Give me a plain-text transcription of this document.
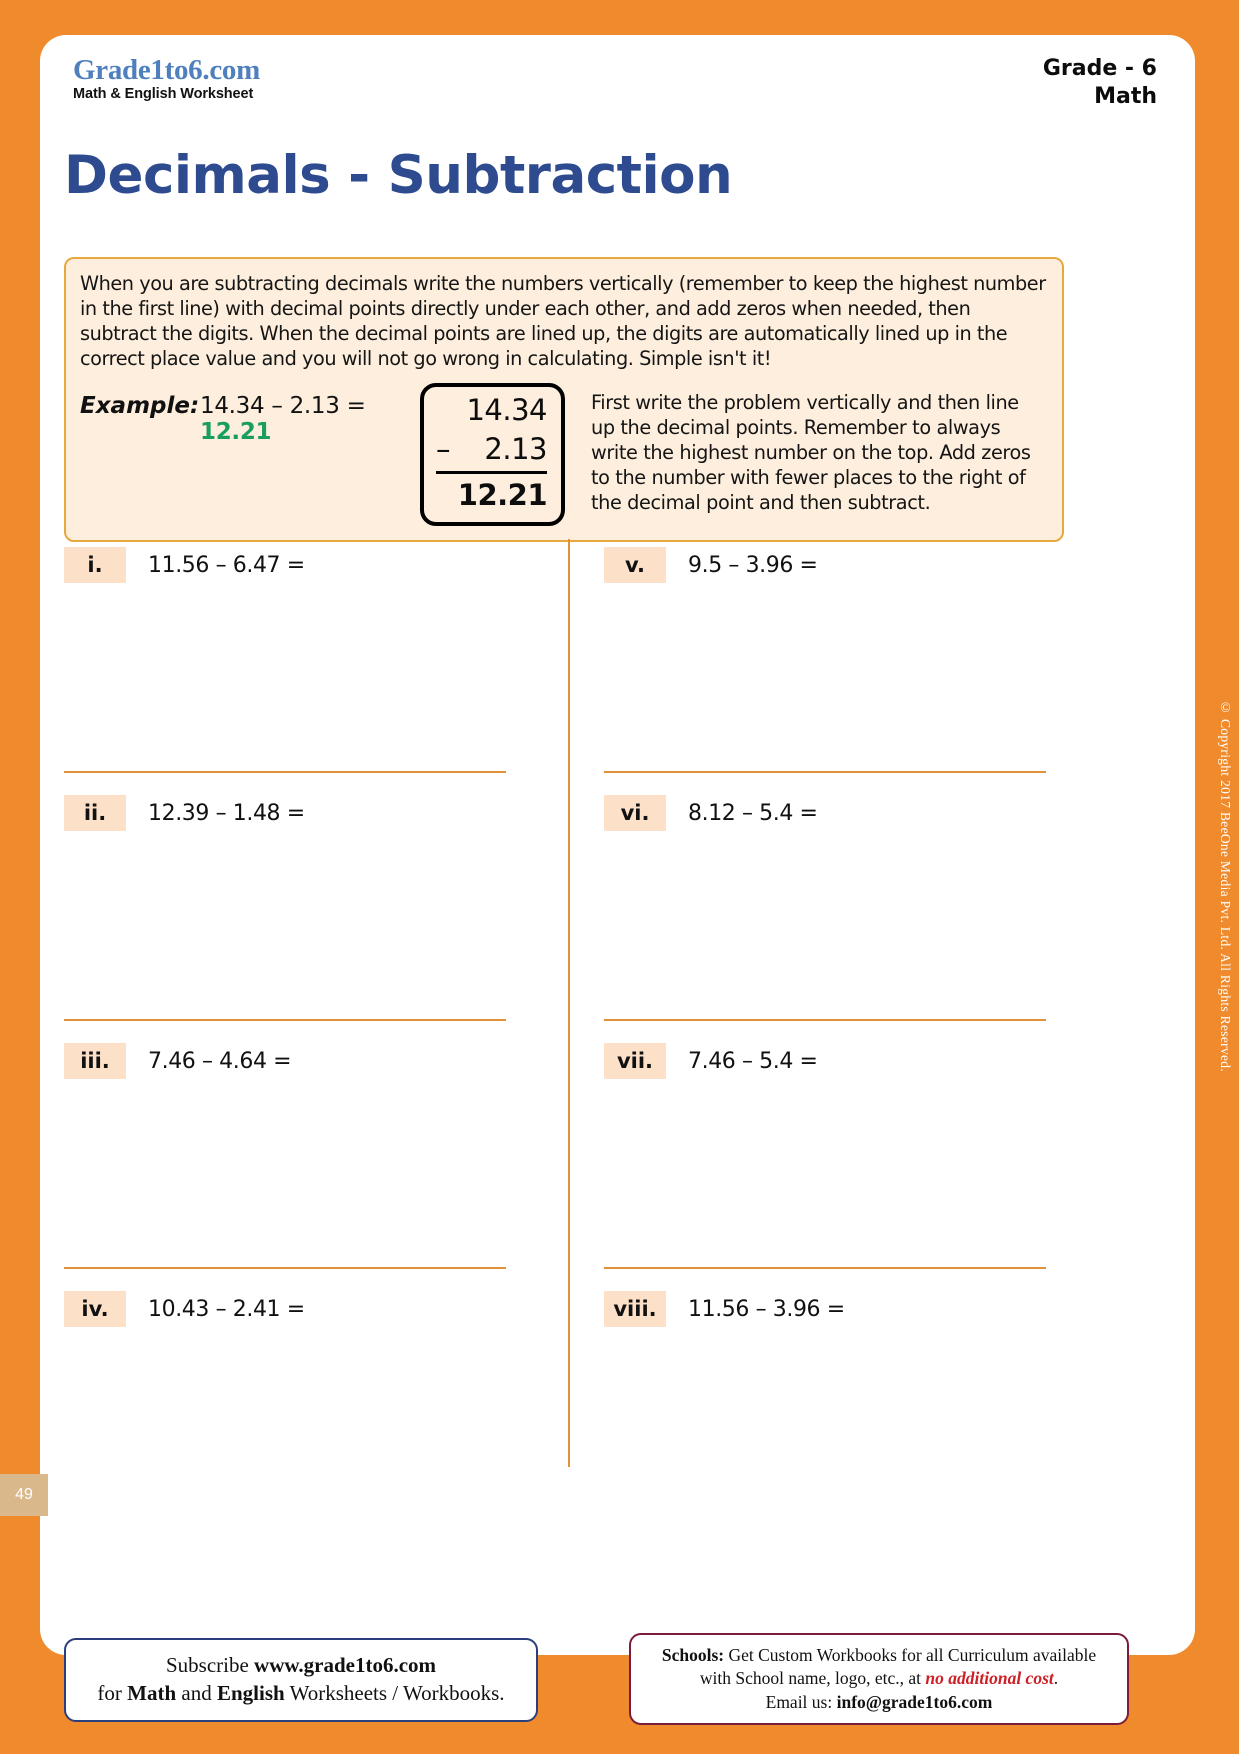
Grade1to6.com
Math & English Worksheet
Grade - 6
Math
Decimals - Subtraction
When you are subtracting decimals write the numbers vertically (remember to keep the highest number in the first line) with decimal points directly under each other, and add zeros when needed, then subtract the digits. When the decimal points are lined up, the digits are automatically lined up in the correct place value and you will not go wrong in calculating. Simple isn't it!
Example: 14.34 – 2.13 = 12.21

14.34
–	2.13

12.21
First write the problem vertically and then line up the decimal points. Remember to always write the highest number on the top. Add zeros to the number with fewer places to the right of the decimal point and then subtract.
i.	11.56 – 6.47 =
ii.	12.39 – 1.48 =
iii.	7.46 – 4.64 =
iv.	10.43 – 2.41 =
v.	9.5 – 3.96 =
vi.	8.12 – 5.4 =
vii.	7.46 – 5.4 =
viii.	11.56 – 3.96 =
© Copyright 2017 BeeOne Media Pvt. Ltd. All Rights Reserved.
49
Subscribe www.grade1to6.com
for Math and English Worksheets / Workbooks.
Schools: Get Custom Workbooks for all Curriculum available
with School name, logo, etc., at no additional cost.
Email us: info@grade1to6.com
